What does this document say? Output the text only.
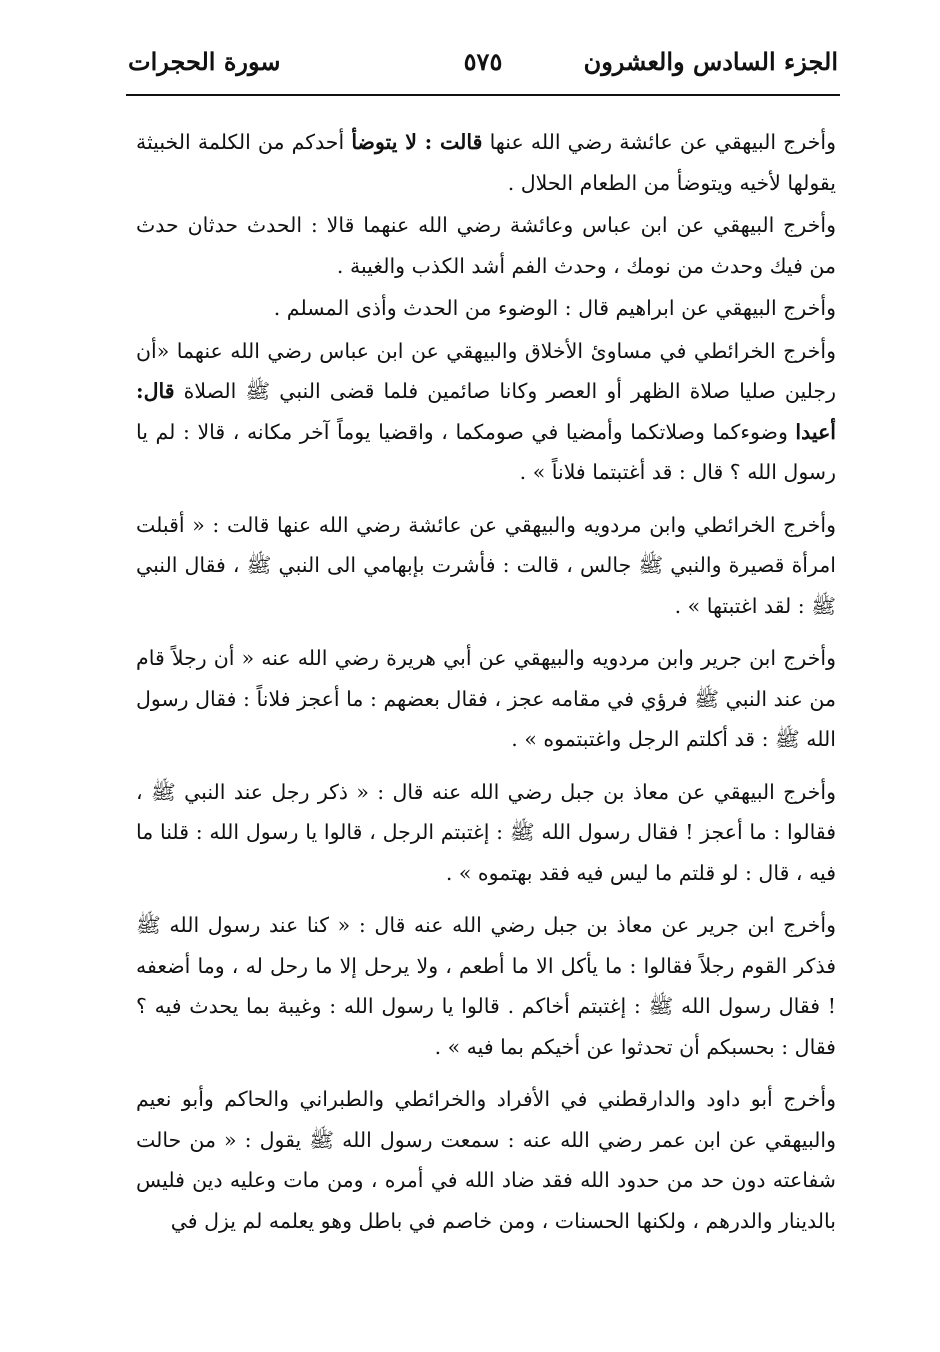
الجزء السادس والعشرون
٥٧٥
سورة الحجرات

وأخرج البيهقي عن عائشة رضي الله عنها قالت : لا يتوضأ أحدكم من الكلمة الخبيثة يقولها لأخيه ويتوضأ من الطعام الحلال .

وأخرج البيهقي عن ابن عباس وعائشة رضي الله عنهما قالا : الحدث حدثان حدث من فيك وحدث من نومك ، وحدث الفم أشد الكذب والغيبة .

وأخرج البيهقي عن ابراهيم قال : الوضوء من الحدث وأذى المسلم .

وأخرج الخرائطي في مساوئ الأخلاق والبيهقي عن ابن عباس رضي الله عنهما «أن رجلين صليا صلاة الظهر أو العصر وكانا صائمين فلما قضى النبي ﷺ الصلاة قال: أعيدا وضوءكما وصلاتكما وأمضيا في صومكما ، واقضيا يوماً آخر مكانه ، قالا : لم يا رسول الله ؟ قال : قد أغتبتما فلاناً » .

وأخرج الخرائطي وابن مردويه والبيهقي عن عائشة رضي الله عنها قالت : « أقبلت امرأة قصيرة والنبي ﷺ جالس ، قالت : فأشرت بإبهامي الى النبي ﷺ ، فقال النبي ﷺ : لقد اغتبتها » .

وأخرج ابن جرير وابن مردويه والبيهقي عن أبي هريرة رضي الله عنه « أن رجلاً قام من عند النبي ﷺ فرؤي في مقامه عجز ، فقال بعضهم : ما أعجز فلاناً : فقال رسول الله ﷺ : قد أكلتم الرجل واغتبتموه » .

وأخرج البيهقي عن معاذ بن جبل رضي الله عنه قال : « ذكر رجل عند النبي ﷺ ، فقالوا : ما أعجز ! فقال رسول الله ﷺ : إغتبتم الرجل ، قالوا يا رسول الله : قلنا ما فيه ، قال : لو قلتم ما ليس فيه فقد بهتموه » .

وأخرج ابن جرير عن معاذ بن جبل رضي الله عنه قال : « كنا عند رسول الله ﷺ فذكر القوم رجلاً فقالوا : ما يأكل الا ما أطعم ، ولا يرحل إلا ما رحل له ، وما أضعفه ! فقال رسول الله ﷺ : إغتبتم أخاكم . قالوا يا رسول الله : وغيبة بما يحدث فيه ؟ فقال : بحسبكم أن تحدثوا عن أخيكم بما فيه » .

وأخرج أبو داود والدارقطني في الأفراد والخرائطي والطبراني والحاكم وأبو نعيم والبيهقي عن ابن عمر رضي الله عنه : سمعت رسول الله ﷺ يقول : « من حالت شفاعته دون حد من حدود الله فقد ضاد الله في أمره ، ومن مات وعليه دين فليس بالدينار والدرهم ، ولكنها الحسنات ، ومن خاصم في باطل وهو يعلمه لم يزل في
